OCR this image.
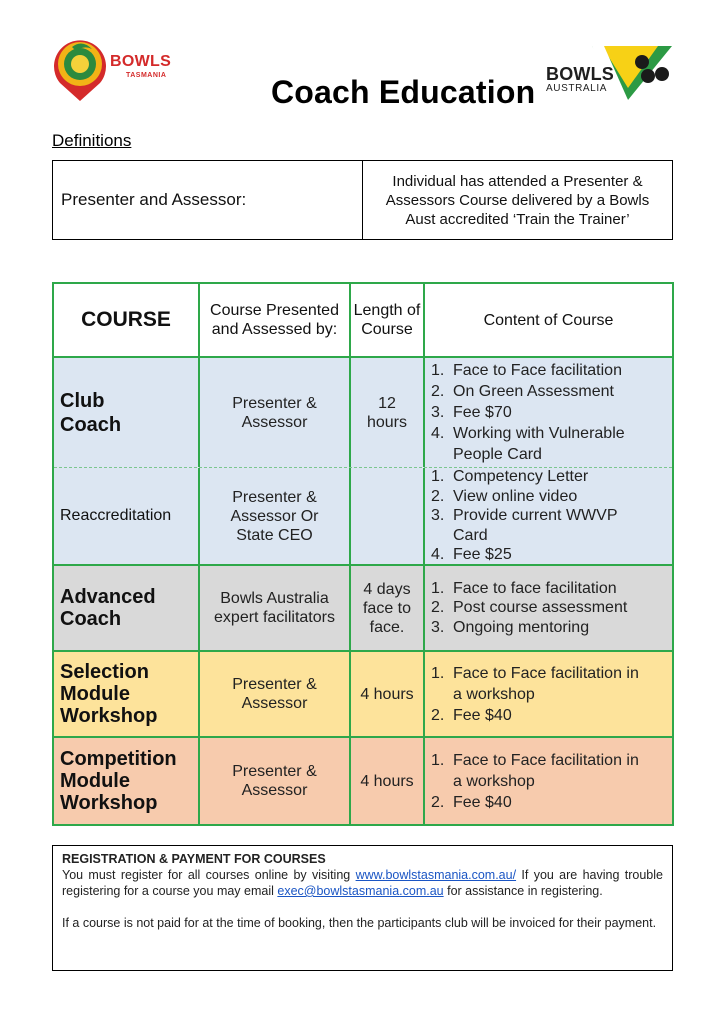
BOWLS
TASMANIA	Coach Education BOWLS
AUSTRALIA
Definitions
Presenter and Assessor:
Individual has attended a Presenter & Assessors Course delivered by a Bowls Aust accredited ‘Train the Trainer’
COURSE	Course Presented and Assessed by:
Length of Course
Content of Course
Club Coach
Presenter & Assessor
12 hours
1. Face to Face facilitation
2. On Green Assessment
3. Fee $70
4. Working with Vulnerable People Card
Reaccreditation
Presenter & Assessor Or State CEO
1. Competency Letter
2. View online video
3. Provide current WWVP Card
4. Fee $25
Advanced Coach
Bowls Australia expert facilitators
4 days face to face.
1. Face to face facilitation
2. Post course assessment
3. Ongoing mentoring
Selection Module Workshop
Presenter & Assessor
4 hours
1. Face to Face facilitation in a workshop
2. Fee $40
Competition Module Workshop
Presenter & Assessor
4 hours
1. Face to Face facilitation in a workshop
2. Fee $40
REGISTRATION & PAYMENT FOR COURSES

You must register for all courses online by visiting www.bowlstasmania.com.au/ If you are having trouble registering for a course you may email exec@bowlstasmania.com.au for assistance in registering.

If a course is not paid for at the time of booking, then the participants club will be invoiced for their payment.
